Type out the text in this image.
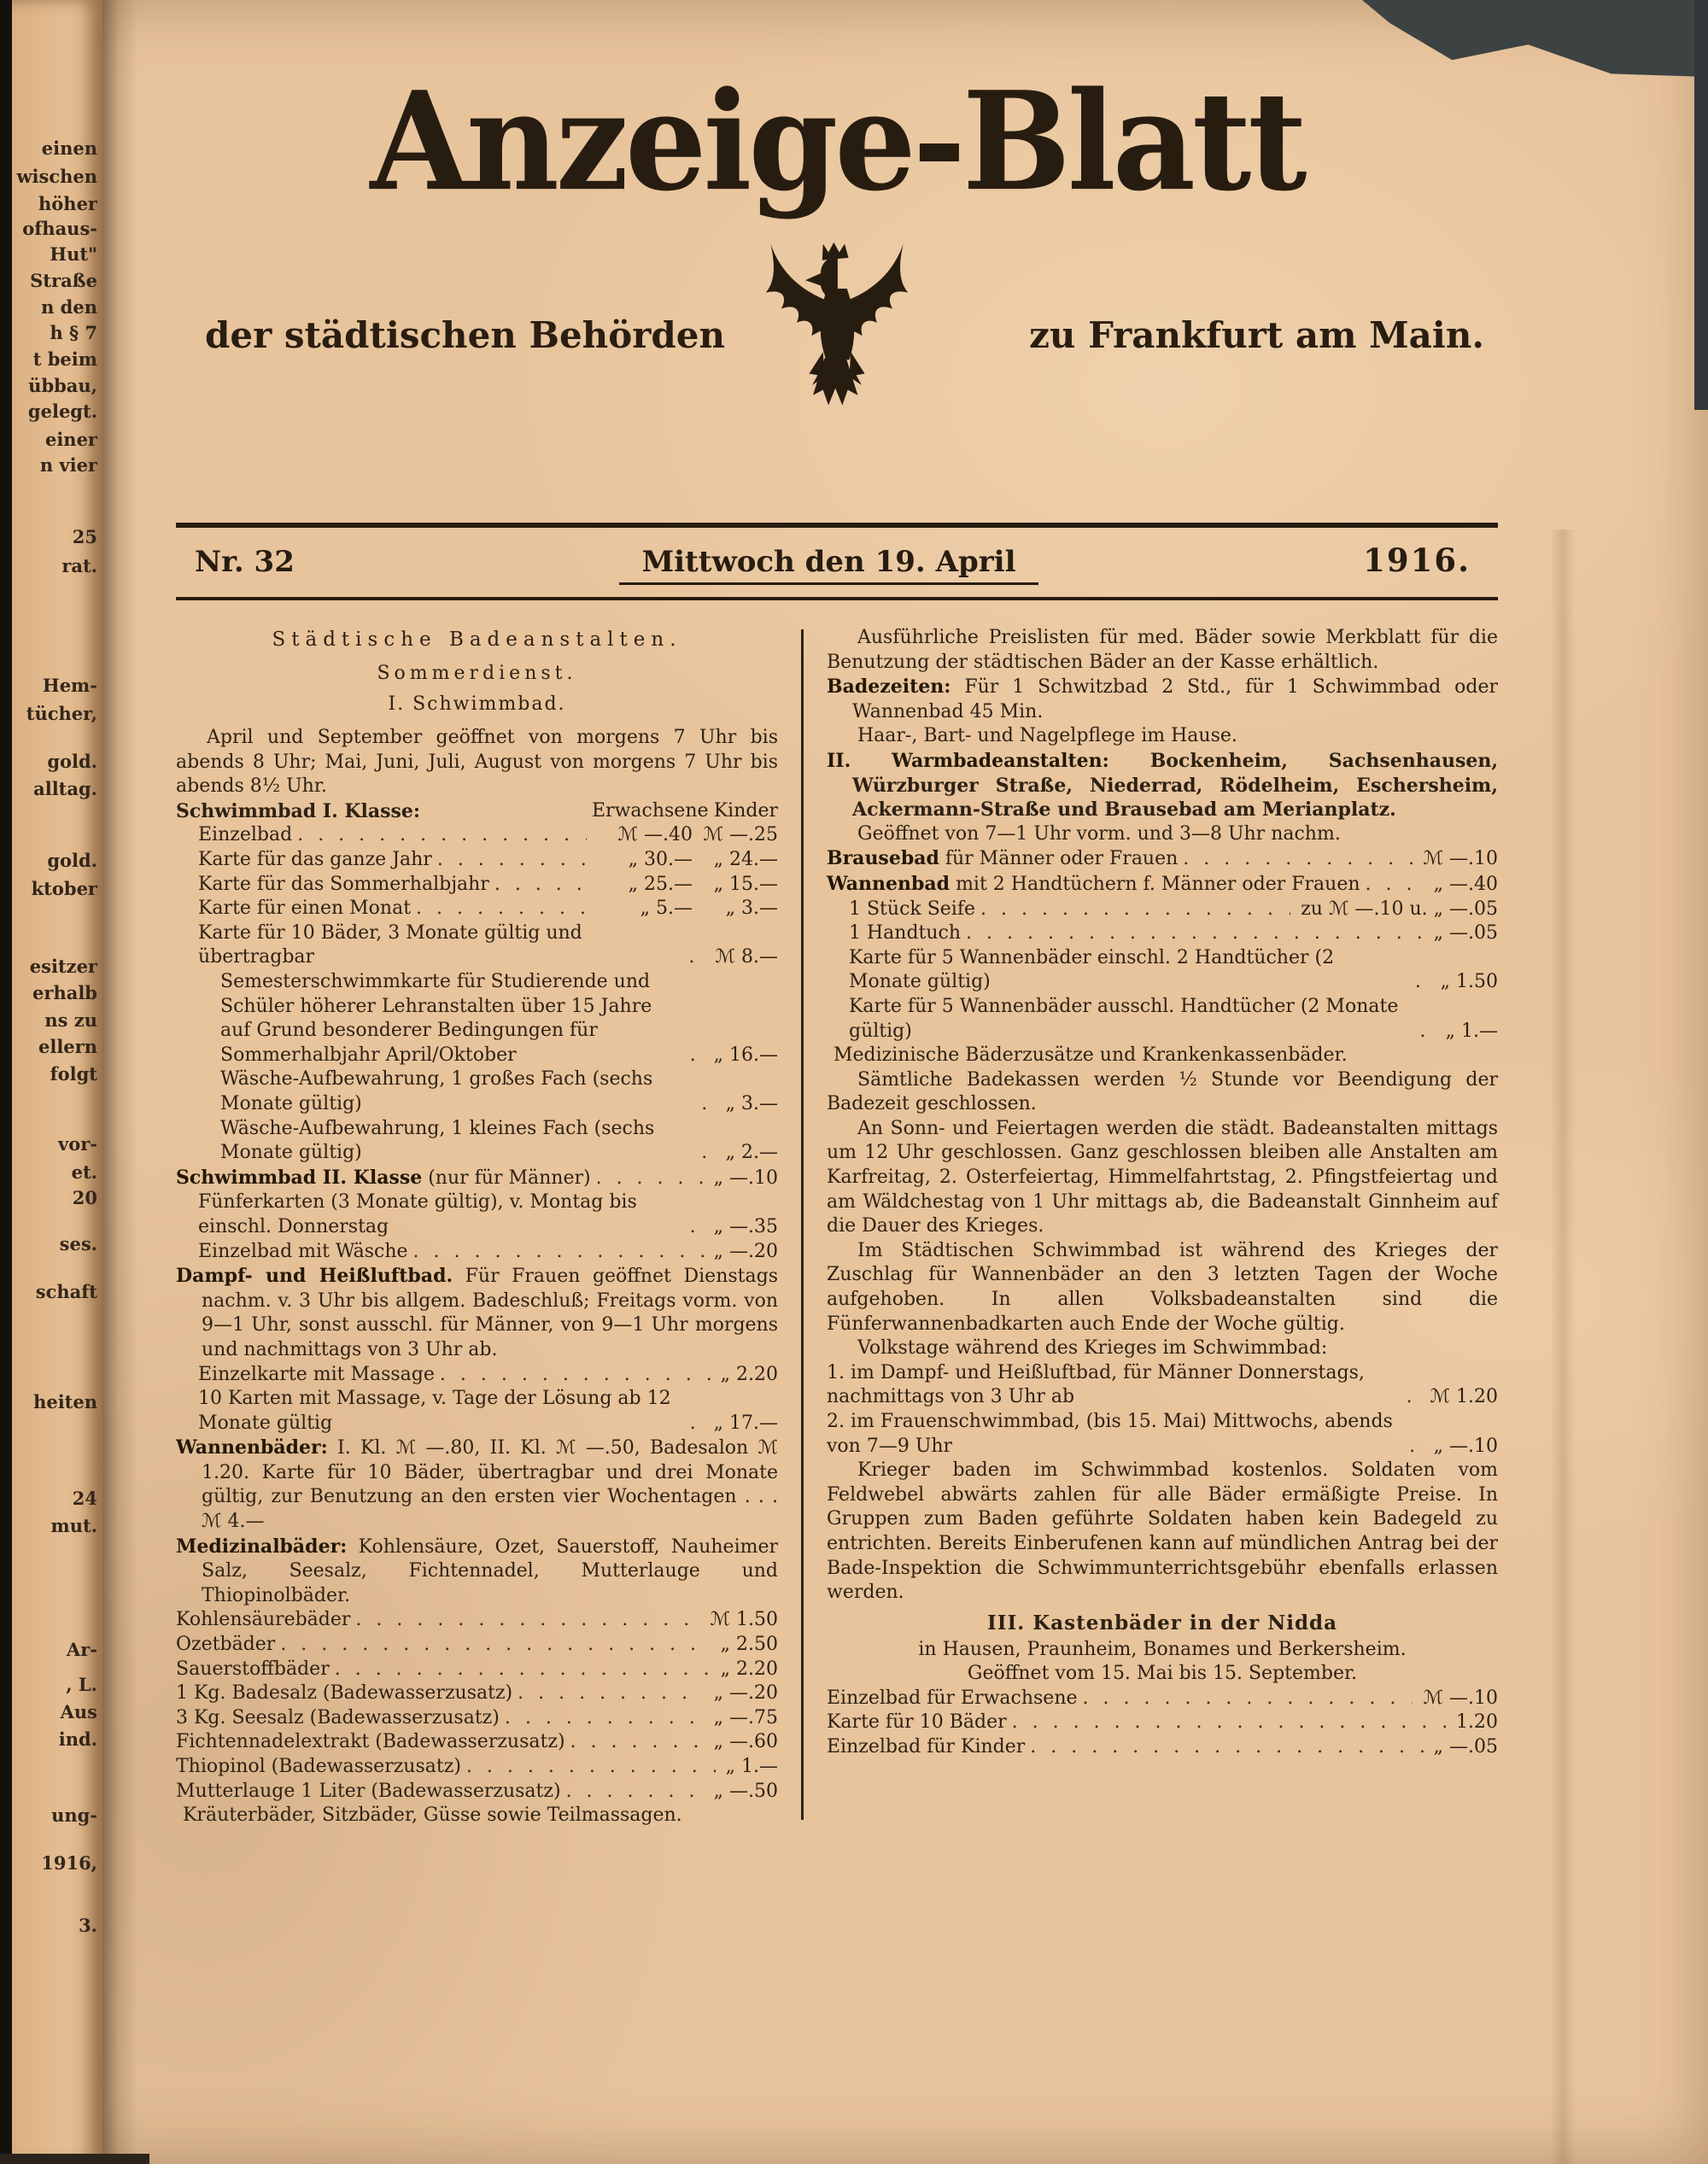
einen
wischen
höher
ofhaus-
Hut"
Straße
n den
h § 7
t beim
übbau,
gelegt.
einer
n vier
25
rat.
Hem-
tücher,
gold.
alltag.
gold.
ktober
esitzer
erhalb
ns zu
ellern
folgt
vor-
et.
20
ses.
schaft
heiten
24
mut.
Ar-
, L.
Aus
ind.
ung-
1916,
3.
Anzeige-Blatt
der städtischen Behörden	zu Frankfurt am Main.
Nr. 32	Mittwoch den 19. April	1916.
Städtische Badeanstalten.
Sommerdienst.
I. Schwimmbad.
April und September geöffnet von morgens 7 Uhr bis abends 8 Uhr; Mai, Juni, Juli, August von morgens 7 Uhr bis abends 8½ Uhr.
Schwimmbad I. Klasse:	Erwachsene Kinder
Einzelbad . . .	ℳ —.40 ℳ —.25
Karte für das ganze Jahr . . .	„ 30.—	„ 24.—
Karte für das Sommerhalbjahr . . .	„ 25.—	„ 15.—
Karte für einen Monat . . .	„ 5.—	„ 3.—
Karte für 10 Bäder, 3 Monate gültig und übertragbar . . .	ℳ 8.—
Semesterschwimmkarte für Studierende und Schüler höherer Lehranstalten über 15 Jahre auf Grund besonderer Bedingungen für Sommerhalbjahr April/Oktober . . .	„ 16.—
Wäsche-Aufbewahrung, 1 großes Fach (sechs Monate gültig) . . .	„ 3.—
Wäsche-Aufbewahrung, 1 kleines Fach (sechs Monate gültig) . . .	„ 2.—
Schwimmbad II. Klasse (nur für Männer) . . .	„ —.10
Fünferkarten (3 Monate gültig), v. Montag bis einschl. Donnerstag . . .	„ —.35
Einzelbad mit Wäsche . . .	„ —.20
Dampf- und Heißluftbad. Für Frauen geöffnet Dienstags nachm. v. 3 Uhr bis allgem. Badeschluß; Freitags vorm. von 9—1 Uhr, sonst ausschl. für Männer, von 9—1 Uhr morgens und nachmittags von 3 Uhr ab.
Einzelkarte mit Massage . . .	„ 2.20
10 Karten mit Massage, v. Tage der Lösung ab 12 Monate gültig . . .	„ 17.—
Wannenbäder: I. Kl. ℳ —.80, II. Kl. ℳ —.50, Badesalon ℳ 1.20. Karte für 10 Bäder, übertragbar und drei Monate gültig, zur Benutzung an den ersten vier Wochentagen . . . ℳ 4.—
Medizinalbäder: Kohlensäure, Ozet, Sauerstoff, Nauheimer Salz, Seesalz, Fichtennadel, Mutterlauge und Thiopinolbäder.
Kohlensäurebäder . . .	ℳ 1.50
Ozetbäder . . .	„ 2.50
Sauerstoffbäder . . .	„ 2.20
1 Kg. Badesalz (Badewasserzusatz) . . .	„ —.20
3 Kg. Seesalz (Badewasserzusatz) . . .	„ —.75
Fichtennadelextrakt (Badewasserzusatz) . . .	„ —.60
Thiopinol (Badewasserzusatz) . . .	„ 1.—
Mutterlauge 1 Liter (Badewasserzusatz) . . .	„ —.50
Kräuterbäder, Sitzbäder, Güsse sowie Teilmassagen.
Ausführliche Preislisten für med. Bäder sowie Merkblatt für die Benutzung der städtischen Bäder an der Kasse erhältlich.
Badezeiten: Für 1 Schwitzbad 2 Std., für 1 Schwimmbad oder Wannenbad 45 Min.
Haar-, Bart- und Nagelpflege im Hause.
II. Warmbadeanstalten: Bockenheim, Sachsenhausen, Würzburger Straße, Niederrad, Rödelheim, Eschersheim, Ackermann-Straße und Brausebad am Merianplatz.
Geöffnet von 7—1 Uhr vorm. und 3—8 Uhr nachm.
Brausebad für Männer oder Frauen . . .	ℳ —.10
Wannenbad mit 2 Handtüchern f. Männer oder Frauen . . .	„ —.40
1 Stück Seife . . .	zu ℳ —.10 u. „ —.05
1 Handtuch . . .	„ —.05
Karte für 5 Wannenbäder einschl. 2 Handtücher (2 Monate gültig) . . .	„ 1.50
Karte für 5 Wannenbäder ausschl. Handtücher (2 Monate gültig) . . .	„ 1.—
Medizinische Bäderzusätze und Krankenkassenbäder.
Sämtliche Badekassen werden ½ Stunde vor Beendigung der Badezeit geschlossen.
An Sonn- und Feiertagen werden die städt. Badeanstalten mittags um 12 Uhr geschlossen. Ganz geschlossen bleiben alle Anstalten am Karfreitag, 2. Osterfeiertag, Himmelfahrtstag, 2. Pfingstfeiertag und am Wäldchestag von 1 Uhr mittags ab, die Badeanstalt Ginnheim auf die Dauer des Krieges.
Im Städtischen Schwimmbad ist während des Krieges der Zuschlag für Wannenbäder an den 3 letzten Tagen der Woche aufgehoben. In allen Volksbadeanstalten sind die Fünferwannenbadkarten auch Ende der Woche gültig.
Volkstage während des Krieges im Schwimmbad:
1. im Dampf- und Heißluftbad, für Männer Donnerstags, nachmittags von 3 Uhr ab . . .	ℳ 1.20
2. im Frauenschwimmbad, (bis 15. Mai) Mittwochs, abends von 7—9 Uhr . . .	„ —.10
Krieger baden im Schwimmbad kostenlos. Soldaten vom Feldwebel abwärts zahlen für alle Bäder ermäßigte Preise. In Gruppen zum Baden geführte Soldaten haben kein Badegeld zu entrichten. Bereits Einberufenen kann auf mündlichen Antrag bei der Bade-Inspektion die Schwimmunterrichtsgebühr ebenfalls erlassen werden.
III. Kastenbäder in der Nidda
in Hausen, Praunheim, Bonames und Berkersheim.
Geöffnet vom 15. Mai bis 15. September.
Einzelbad für Erwachsene . . .	ℳ —.10
Karte für 10 Bäder . . .	1.20
Einzelbad für Kinder . . .	„ —.05
